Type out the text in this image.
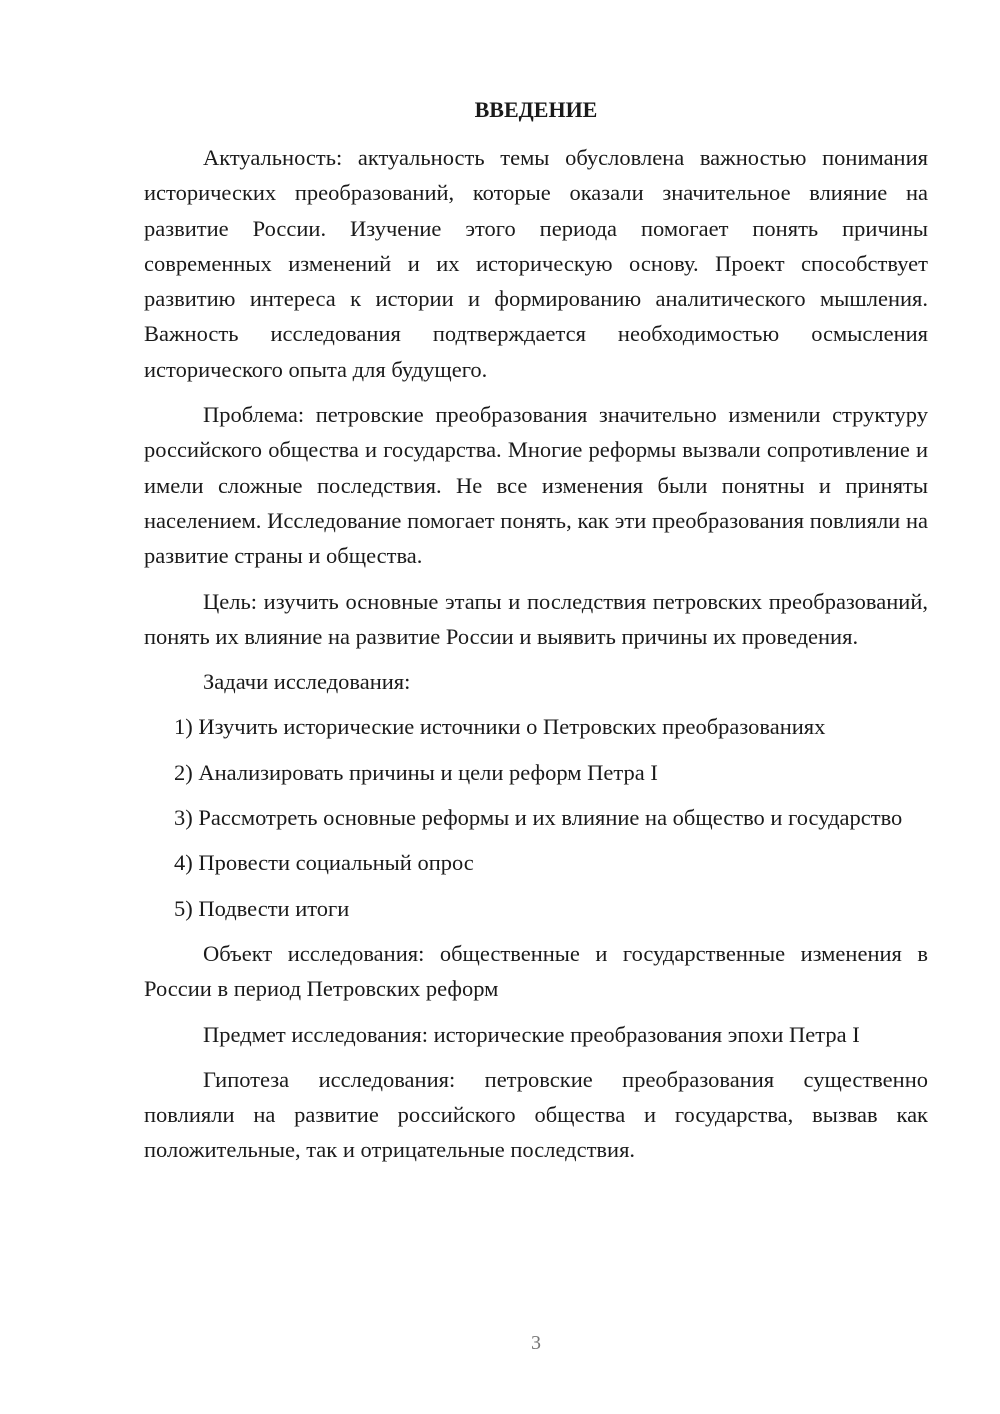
ВВЕДЕНИЕ

Актуальность: актуальность темы обусловлена важностью понимания исторических преобразований, которые оказали значительное влияние на развитие России. Изучение этого периода помогает понять причины современных изменений и их историческую основу. Проект способствует развитию интереса к истории и формированию аналитического мышления. Важность исследования подтверждается необходимостью осмысления исторического опыта для будущего.

Проблема: петровские преобразования значительно изменили структуру российского общества и государства. Многие реформы вызвали сопротивление и имели сложные последствия. Не все изменения были понятны и приняты населением. Исследование помогает понять, как эти преобразования повлияли на развитие страны и общества.

Цель: изучить основные этапы и последствия петровских преобразований, понять их влияние на развитие России и выявить причины их проведения.

Задачи исследования:

1) Изучить исторические источники о Петровских преобразованиях

2) Анализировать причины и цели реформ Петра I

3) Рассмотреть основные реформы и их влияние на общество и государство

4) Провести социальный опрос

5) Подвести итоги

Объект исследования: общественные и государственные изменения в России в период Петровских реформ

Предмет исследования: исторические преобразования эпохи Петра I

Гипотеза исследования: петровские преобразования существенно повлияли на развитие российского общества и государства, вызвав как положительные, так и отрицательные последствия.

3
